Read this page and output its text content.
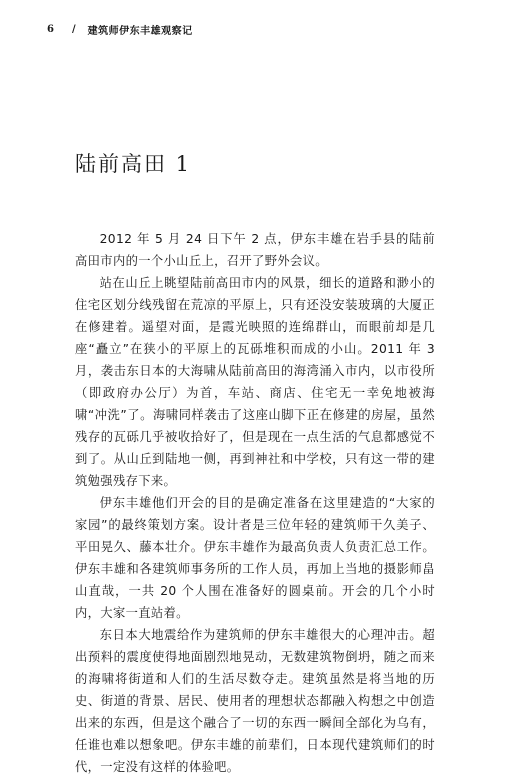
6 / 建筑师伊东丰雄观察记
陆前高田 1

2012 年 5 月 24 日下午 2 点，伊东丰雄在岩手县的陆前高田市内的一个小山丘上，召开了野外会议。

站在山丘上眺望陆前高田市内的风景，细长的道路和渺小的住宅区划分线残留在荒凉的平原上，只有还没安装玻璃的大厦正在修建着。遥望对面，是霞光映照的连绵群山，而眼前却是几座“矗立”在狭小的平原上的瓦砾堆积而成的小山。2011 年 3 月，袭击东日本的大海啸从陆前高田的海湾涌入市内，以市役所（即政府办公厅）为首，车站、商店、住宅无一幸免地被海啸“冲洗”了。海啸同样袭击了这座山脚下正在修建的房屋，虽然残存的瓦砾几乎被收拾好了，但是现在一点生活的气息都感觉不到了。从山丘到陆地一侧，再到神社和中学校，只有这一带的建筑勉强残存下来。

伊东丰雄他们开会的目的是确定准备在这里建造的“大家的家园”的最终策划方案。设计者是三位年轻的建筑师干久美子、平田晃久、藤本壮介。伊东丰雄作为最高负责人负责汇总工作。伊东丰雄和各建筑师事务所的工作人员，再加上当地的摄影师畠山直哉，一共 20 个人围在准备好的圆桌前。开会的几个小时内，大家一直站着。

东日本大地震给作为建筑师的伊东丰雄很大的心理冲击。超出预料的震度使得地面剧烈地晃动，无数建筑物倒坍，随之而来的海啸将街道和人们的生活尽数夺走。建筑虽然是将当地的历史、街道的背景、居民、使用者的理想状态都融入构想之中创造出来的东西，但是这个融合了一切的东西一瞬间全部化为乌有，任谁也难以想象吧。伊东丰雄的前辈们，日本现代建筑师们的时代，一定没有这样的体验吧。
